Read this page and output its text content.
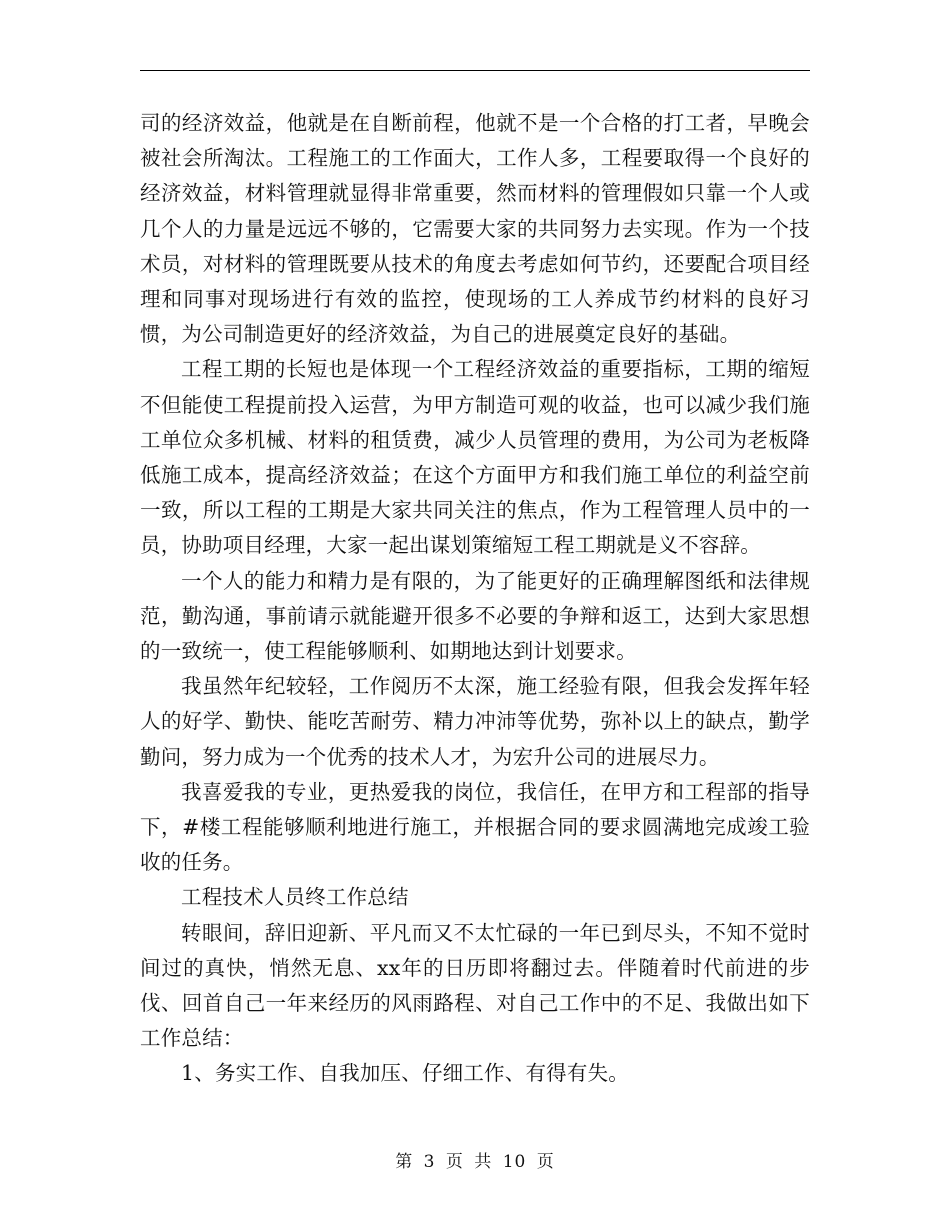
司的经济效益，他就是在自断前程，他就不是一个合格的打工者，早晚会被社会所淘汰。工程施工的工作面大，工作人多，工程要取得一个良好的经济效益，材料管理就显得非常重要，然而材料的管理假如只靠一个人或几个人的力量是远远不够的，它需要大家的共同努力去实现。作为一个技术员，对材料的管理既要从技术的角度去考虑如何节约，还要配合项目经理和同事对现场进行有效的监控，使现场的工人养成节约材料的良好习惯，为公司制造更好的经济效益，为自己的进展奠定良好的基础。

工程工期的长短也是体现一个工程经济效益的重要指标，工期的缩短不但能使工程提前投入运营，为甲方制造可观的收益，也可以减少我们施工单位众多机械、材料的租赁费，减少人员管理的费用，为公司为老板降低施工成本，提高经济效益；在这个方面甲方和我们施工单位的利益空前一致，所以工程的工期是大家共同关注的焦点，作为工程管理人员中的一员，协助项目经理，大家一起出谋划策缩短工程工期就是义不容辞。

一个人的能力和精力是有限的，为了能更好的正确理解图纸和法律规范，勤沟通，事前请示就能避开很多不必要的争辩和返工，达到大家思想的一致统一，使工程能够顺利、如期地达到计划要求。

我虽然年纪较轻，工作阅历不太深，施工经验有限，但我会发挥年轻人的好学、勤快、能吃苦耐劳、精力冲沛等优势，弥补以上的缺点，勤学勤问，努力成为一个优秀的技术人才，为宏升公司的进展尽力。

我喜爱我的专业，更热爱我的岗位，我信任，在甲方和工程部的指导下，#楼工程能够顺利地进行施工，并根据合同的要求圆满地完成竣工验收的任务。

工程技术人员终工作总结

转眼间，辞旧迎新、平凡而又不太忙碌的一年已到尽头，不知不觉时间过的真快，悄然无息、xx年的日历即将翻过去。伴随着时代前进的步伐、回首自己一年来经历的风雨路程、对自己工作中的不足、我做出如下工作总结：

1、务实工作、自我加压、仔细工作、有得有失。

第 3 页 共 10 页
